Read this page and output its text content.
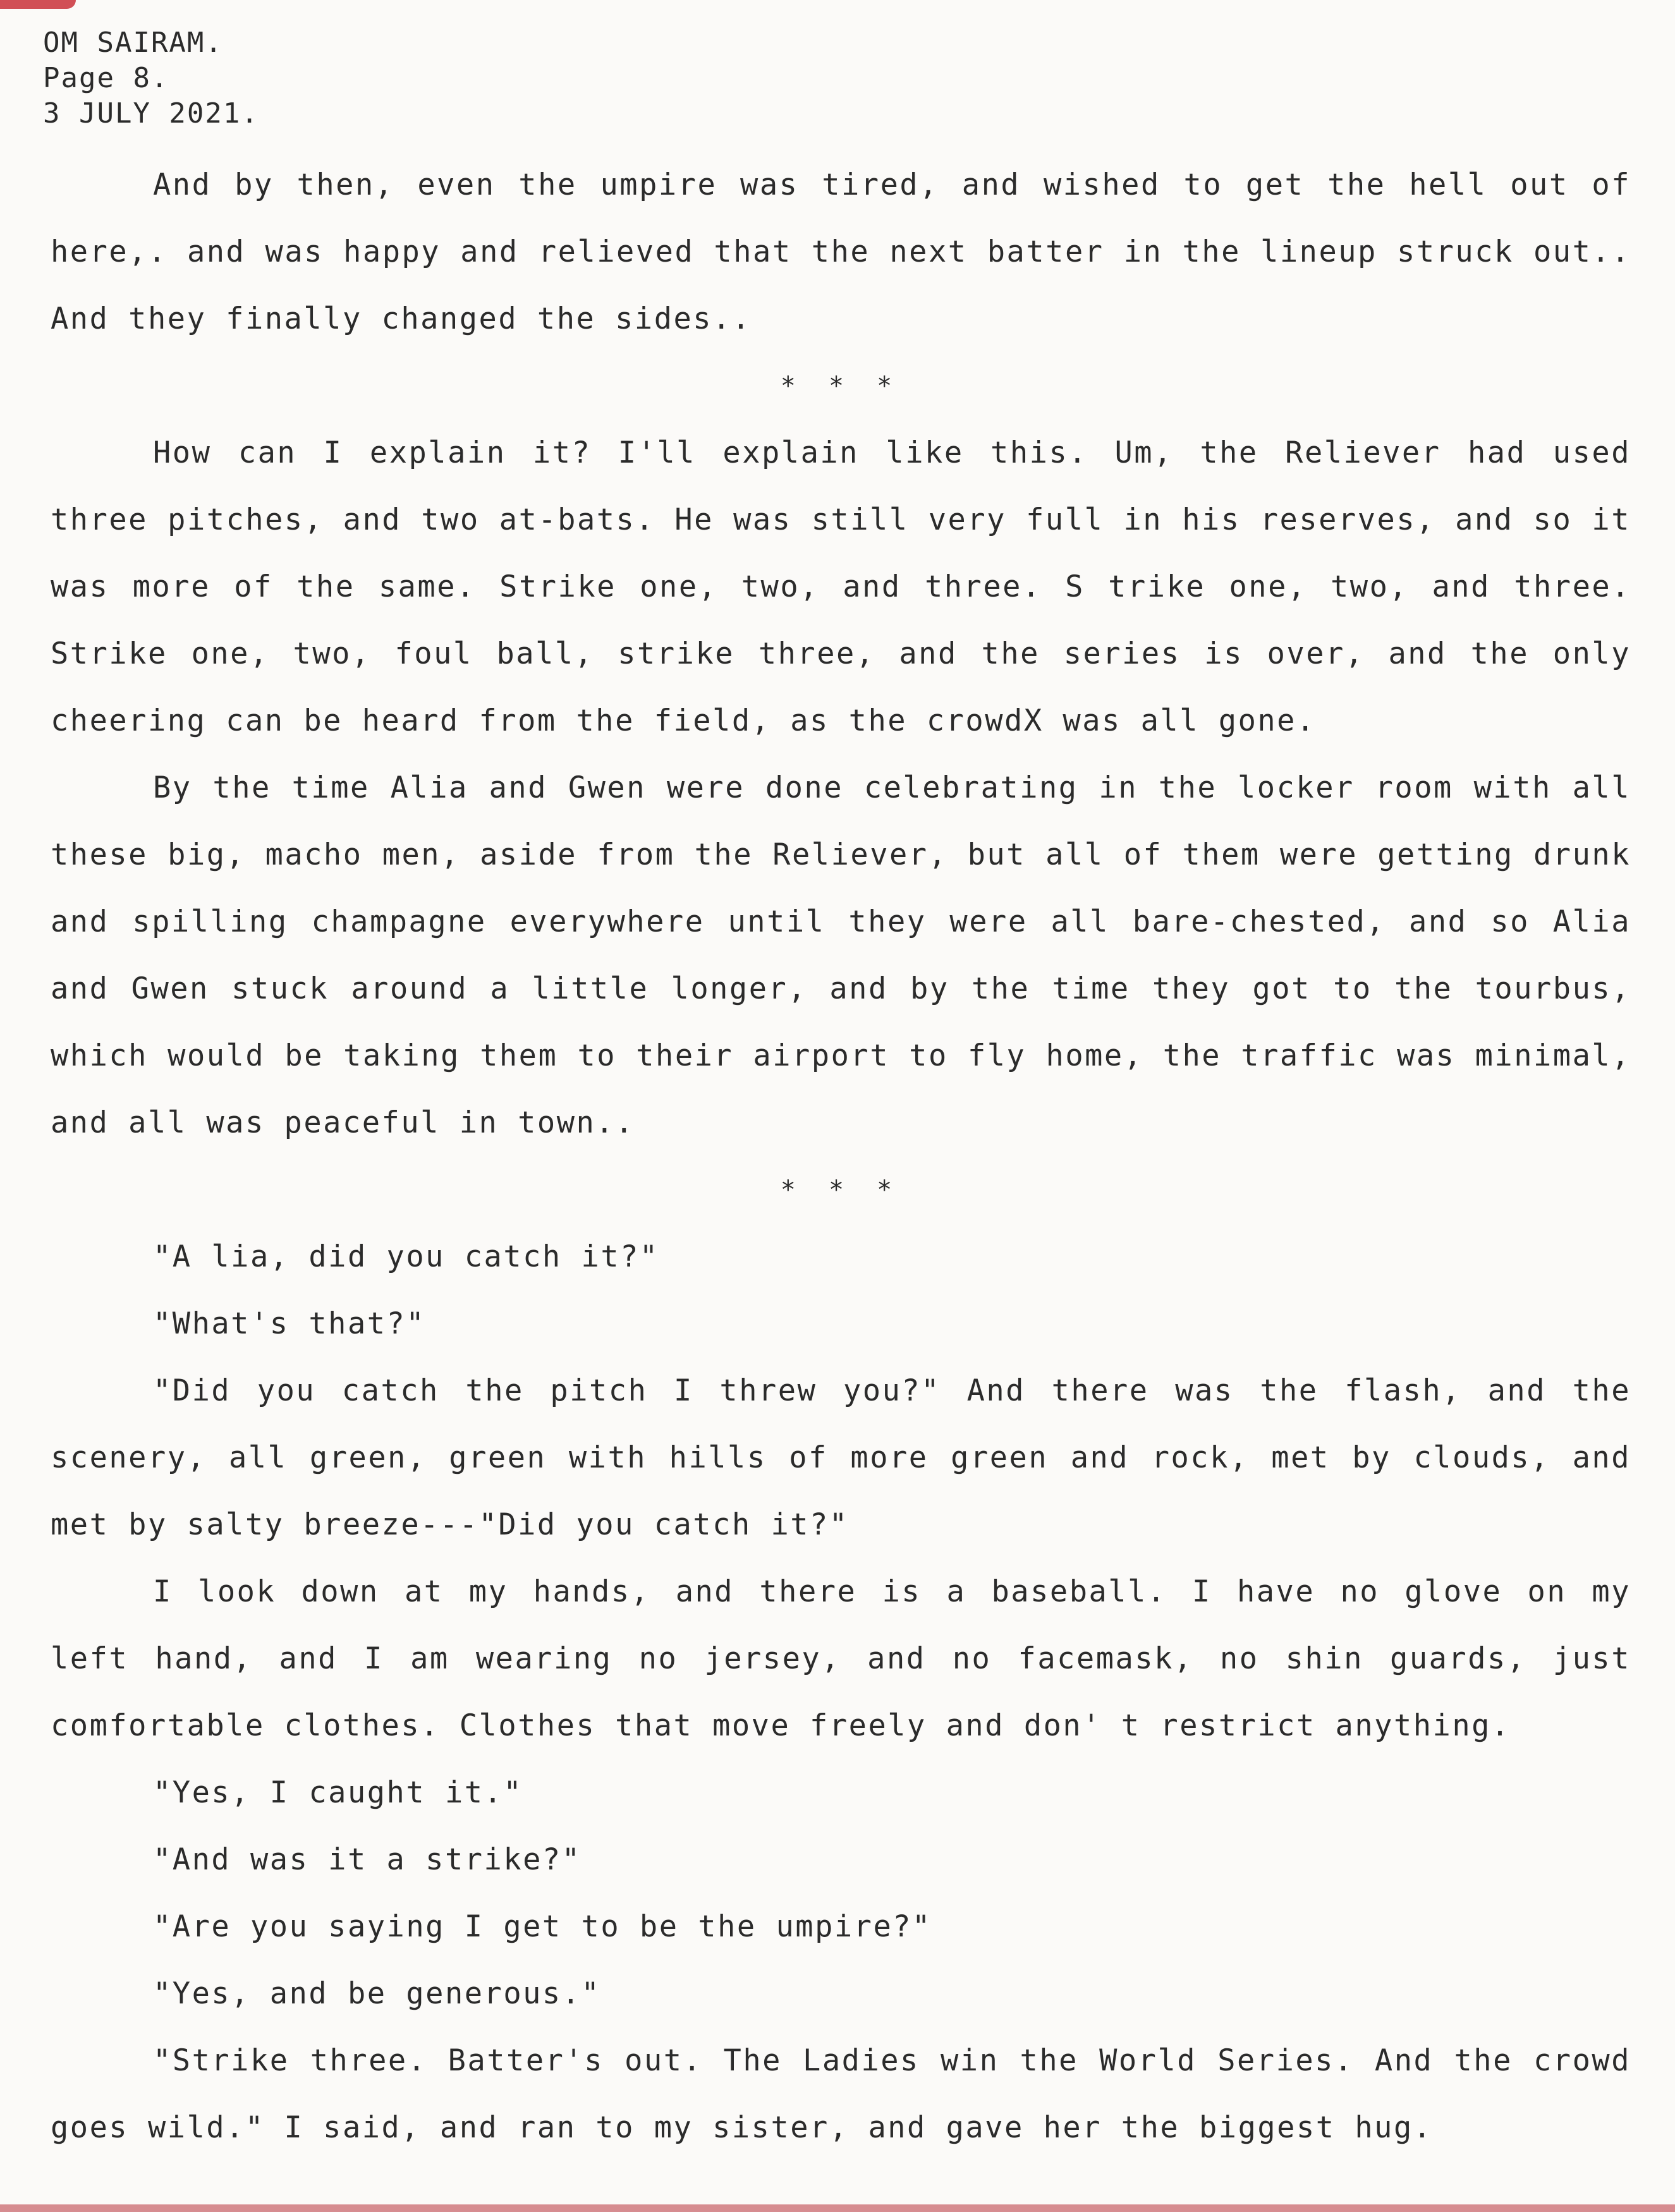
OM SAIRAM.
Page 8.
3 JULY 2021.

And by then, even the umpire was tired, and wished to get the hell out of here,. and was happy and relieved that the next batter in the lineup struck out.. And they finally changed the sides..

* * *

How can I explain it? I'll explain like this. Um, the Reliever had used three pitches, and two at-bats. He was still very full in his reserves, and so it was more of the same. Strike one, two, and three. S trike one, two, and three. Strike one, two, foul ball, strike three, and the series is over, and the only cheering can be heard from the field, as the crowdX was all gone.

By the time Alia and Gwen were done celebrating in the locker room with all these big, macho men, aside from the Reliever, but all of them were getting drunk and spilling champagne everywhere until they were all bare-chested, and so Alia and Gwen stuck around a little longer, and by the time they got to the tourbus, which would be taking them to their airport to fly home, the traffic was minimal, and all was peaceful in town..

* * *

"A lia, did you catch it?"

"What's that?"

"Did you catch the pitch I threw you?" And there was the flash, and the scenery, all green, green with hills of more green and rock, met by clouds, and met by salty breeze---"Did you catch it?"

I look down at my hands, and there is a baseball. I have no glove on my left hand, and I am wearing no jersey, and no facemask, no shin guards, just comfortable clothes. Clothes that move freely and don' t restrict anything.

"Yes, I caught it."

"And was it a strike?"

"Are you saying I get to be the umpire?"

"Yes, and be generous."

"Strike three. Batter's out. The Ladies win the World Series. And the crowd goes wild." I said, and ran to my sister, and gave her the biggest hug.
